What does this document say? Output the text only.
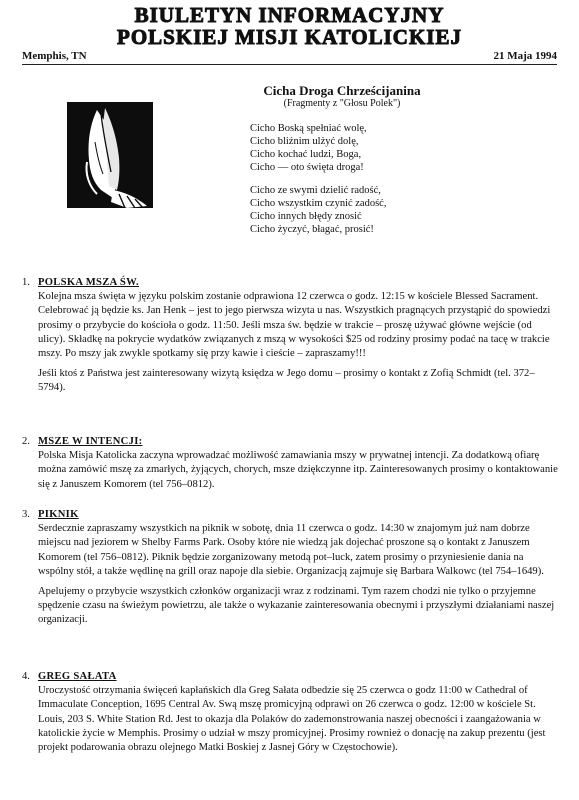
BIULETYN INFORMACYJNY
POLSKIEJ MISJI KATOLICKIEJ
Memphis, TN	21 Maja 1994
Cicha Droga Chrześcijanina
(Fragmenty z "Głosu Polek")
Cicho Boską spełniać wolę,
Cicho bliźnim ulżyć dolę,
Cicho kochać ludzi, Boga,
Cicho –– oto święta droga!
Cicho ze swymi dzielić radość,
Cicho wszystkim czynić zadość,
Cicho innych błędy znosić
Cicho życzyć, błagać, prosić!
1. POLSKA MSZA ŚW.

Kolejna msza święta w języku polskim zostanie odprawiona 12 czerwca o godz. 12:15 w kościele Blessed Sacrament. Celebrować ją będzie ks. Jan Henk – jest to jego pierwsza wizyta u nas. Wszystkich pragnących przystąpić do spowiedzi prosimy o przybycie do kościoła o godz. 11:50. Jeśli msza św. będzie w trakcie – proszę używać główne wejście (od ulicy). Składkę na pokrycie wydatków związanych z mszą w wysokości $25 od rodziny prosimy podać na tacę w trakcie mszy. Po mszy jak zwykle spotkamy się przy kawie i cieście – zapraszamy!!!

Jeśli ktoś z Państwa jest zainteresowany wizytą księdza w Jego domu – prosimy o kontakt z Zofią Schmidt (tel. 372–5794).

2. MSZE W INTENCJI:

Polska Misja Katolicka zaczyna wprowadzać możliwość zamawiania mszy w prywatnej intencji. Za dodatkową ofiarę można zamówić mszę za zmarłych, żyjących, chorych, msze dziękczynne itp. Zainteresowanych prosimy o kontaktowanie się z Januszem Komorem (tel 756–0812).

3. PIKNIK

Serdecznie zapraszamy wszystkich na piknik w sobotę, dnia 11 czerwca o godz. 14:30 w znajomym już nam dobrze miejscu nad jeziorem w Shelby Farms Park. Osoby które nie wiedzą jak dojechać proszone są o kontakt z Januszem Komorem (tel 756–0812). Piknik będzie zorganizowany metodą pot–luck, zatem prosimy o przyniesienie dania na wspólny stół, a także wędlinę na grill oraz napoje dla siebie. Organizacją zajmuje się Barbara Walkowc (tel 754–1649).

Apelujemy o przybycie wszystkich członków organizacji wraz z rodzinami. Tym razem chodzi nie tylko o przyjemne spędzenie czasu na świeżym powietrzu, ale także o wykazanie zainteresowania obecnymi i przyszłymi działaniami naszej organizacji.

4. GREG SAŁATA

Uroczystość otrzymania święceń kapłańskich dla Greg Sałata odbedzie się 25 czerwca o godz 11:00 w Cathedral of Immaculate Conception, 1695 Central Av. Swą mszę promicyjną odprawi on 26 czerwca o godz. 12:00 w kościele St. Louis, 203 S. White Station Rd. Jest to okazja dla Polaków do zademonstrowania naszej obecności i zaangażowania w katolickie życie w Memphis. Prosimy o udział w mszy promicyjnej. Prosimy rownież o donację na zakup prezentu (jest projekt podarowania obrazu olejnego Matki Boskiej z Jasnej Góry w Częstochowie).
